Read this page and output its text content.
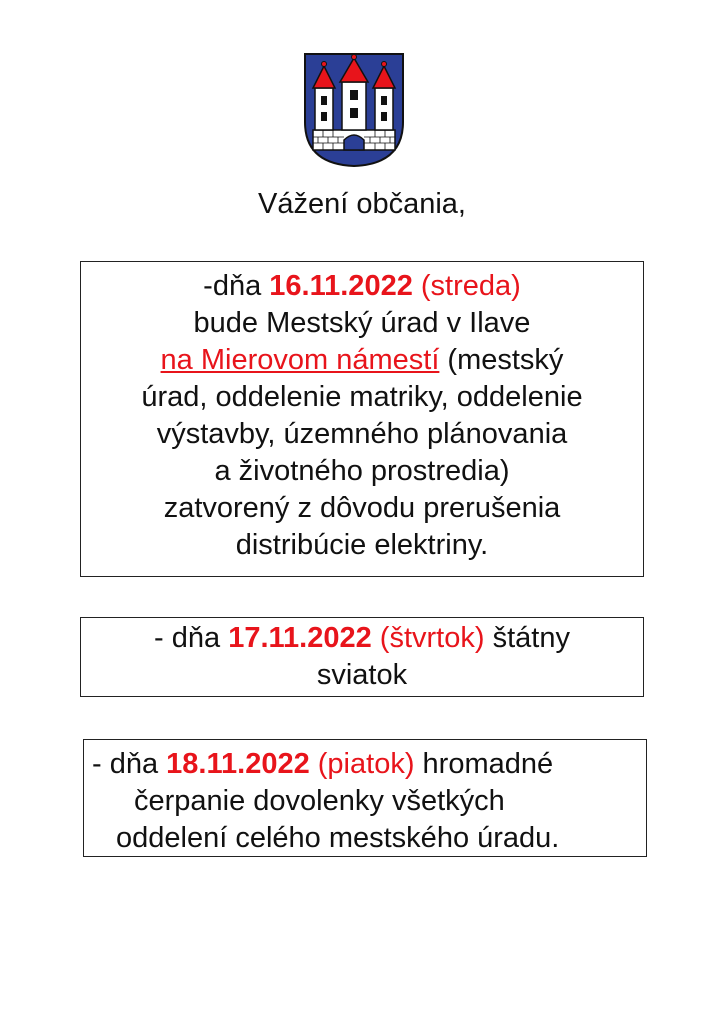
Vážení občania,
-dňa 16.11.2022 (streda)
bude Mestský úrad v Ilave
na Mierovom námestí (mestský
úrad, oddelenie matriky, oddelenie
výstavby, územného plánovania
a životného prostredia)
zatvorený z dôvodu prerušenia
distribúcie elektriny.
- dňa 17.11.2022 (štvrtok) štátny
sviatok
- dňa 18.11.2022 (piatok) hromadné
čerpanie dovolenky všetkých
oddelení celého mestského úradu.
